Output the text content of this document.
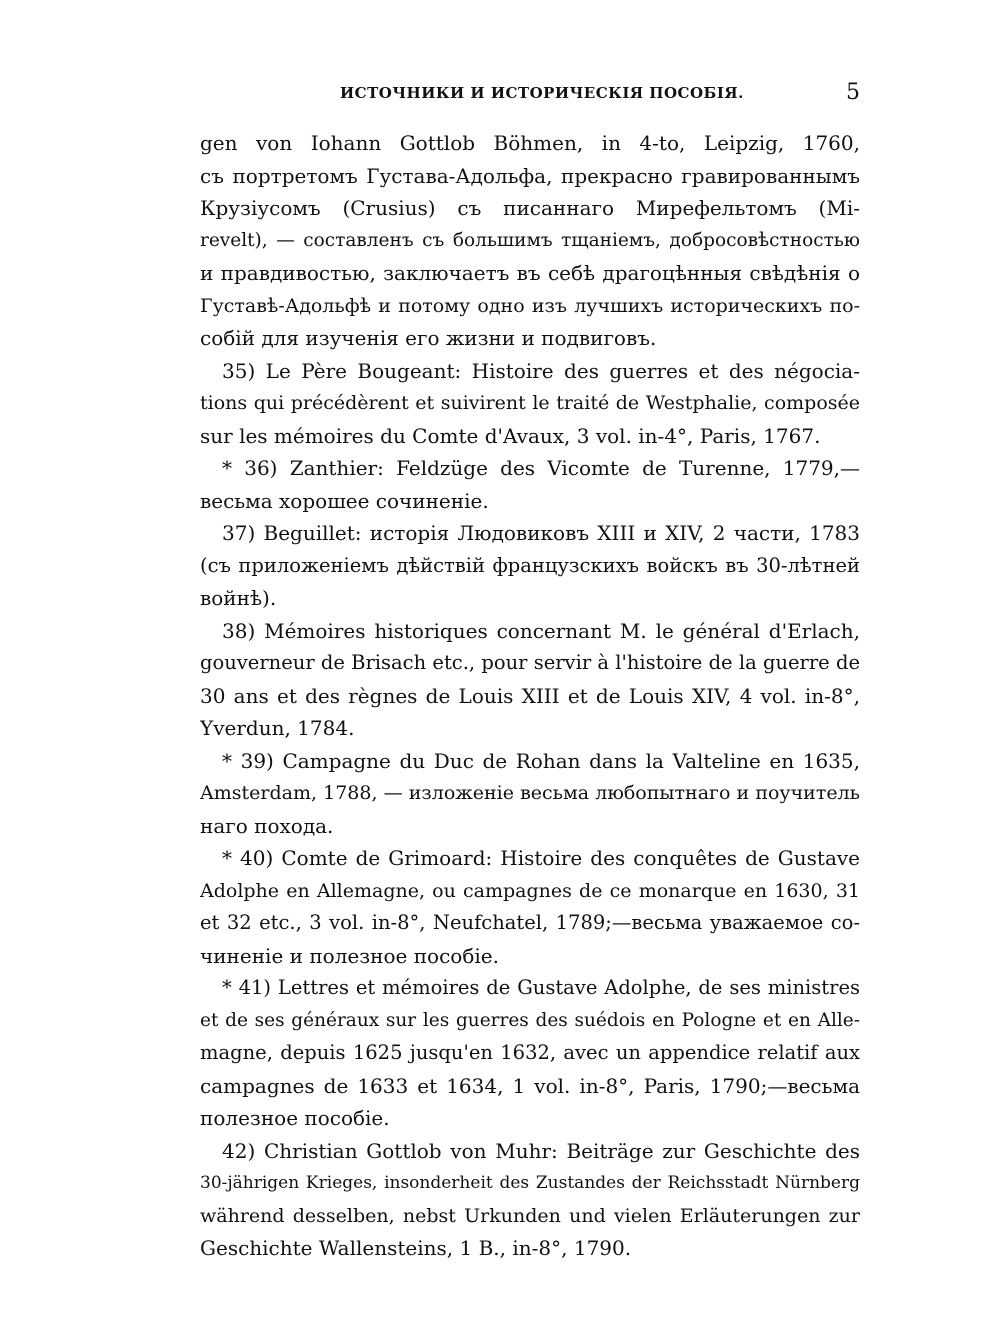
ИСТОЧНИКИ И ИСТОРИЧЕСКІЯ ПОСОБІЯ.	5
gen von Iohann Gottlob Böhmen, in 4-to, Leipzig, 1760,
съ портретомъ Густава-Адольфа, прекрасно гравированнымъ
Крузіусомъ (Crusius) съ писаннаго Мирефельтомъ (Mi-
revelt), — составленъ съ большимъ тщаніемъ, добросовѣстностью
и правдивостью, заключаетъ въ себѣ драгоцѣнныя свѣдѣнія о
Густавѣ-Адольфѣ и потому одно изъ лучшихъ историческихъ по-
собій для изученія его жизни и подвиговъ.
35) Le Père Bougeant: Histoire des guerres et des négocia-
tions qui précédèrent et suivirent le traité de Westphalie, composée
sur les mémoires du Comte d'Avaux, 3 vol. in-4°, Paris, 1767.
* 36) Zanthier: Feldzüge des Vicomte de Turenne, 1779,—
весьма хорошее сочиненіе.
37) Beguillet: исторія Людовиковъ XIII и XIV, 2 части, 1783
(съ приложеніемъ дѣйствій французскихъ войскъ въ 30-лѣтней
войнѣ).
38) Mémoires historiques concernant M. le général d'Erlach,
gouverneur de Brisach etc., pour servir à l'histoire de la guerre de
30 ans et des règnes de Louis XIII et de Louis XIV, 4 vol. in-8°,
Yverdun, 1784.
* 39) Campagne du Duc de Rohan dans la Valteline en 1635,
Amsterdam, 1788, — изложеніе весьма любопытнаго и поучитель
наго похода.
* 40) Comte de Grimoard: Histoire des conquêtes de Gustave
Adolphe en Allemagne, ou campagnes de ce monarque en 1630, 31
et 32 etc., 3 vol. in-8°, Neufchatel, 1789;—весьма уважаемое со-
чиненіе и полезное пособіе.
* 41) Lettres et mémoires de Gustave Adolphe, de ses ministres
et de ses généraux sur les guerres des suédois en Pologne et en Alle-
magne, depuis 1625 jusqu'en 1632, avec un appendice relatif aux
campagnes de 1633 et 1634, 1 vol. in-8°, Paris, 1790;—весьма
полезное пособіе.
42) Christian Gottlob von Muhr: Beiträge zur Geschichte des
30-jährigen Krieges, insonderheit des Zustandes der Reichsstadt Nürnberg
während desselben, nebst Urkunden und vielen Erläuterungen zur
Geschichte Wallensteins, 1 B., in-8°, 1790.
